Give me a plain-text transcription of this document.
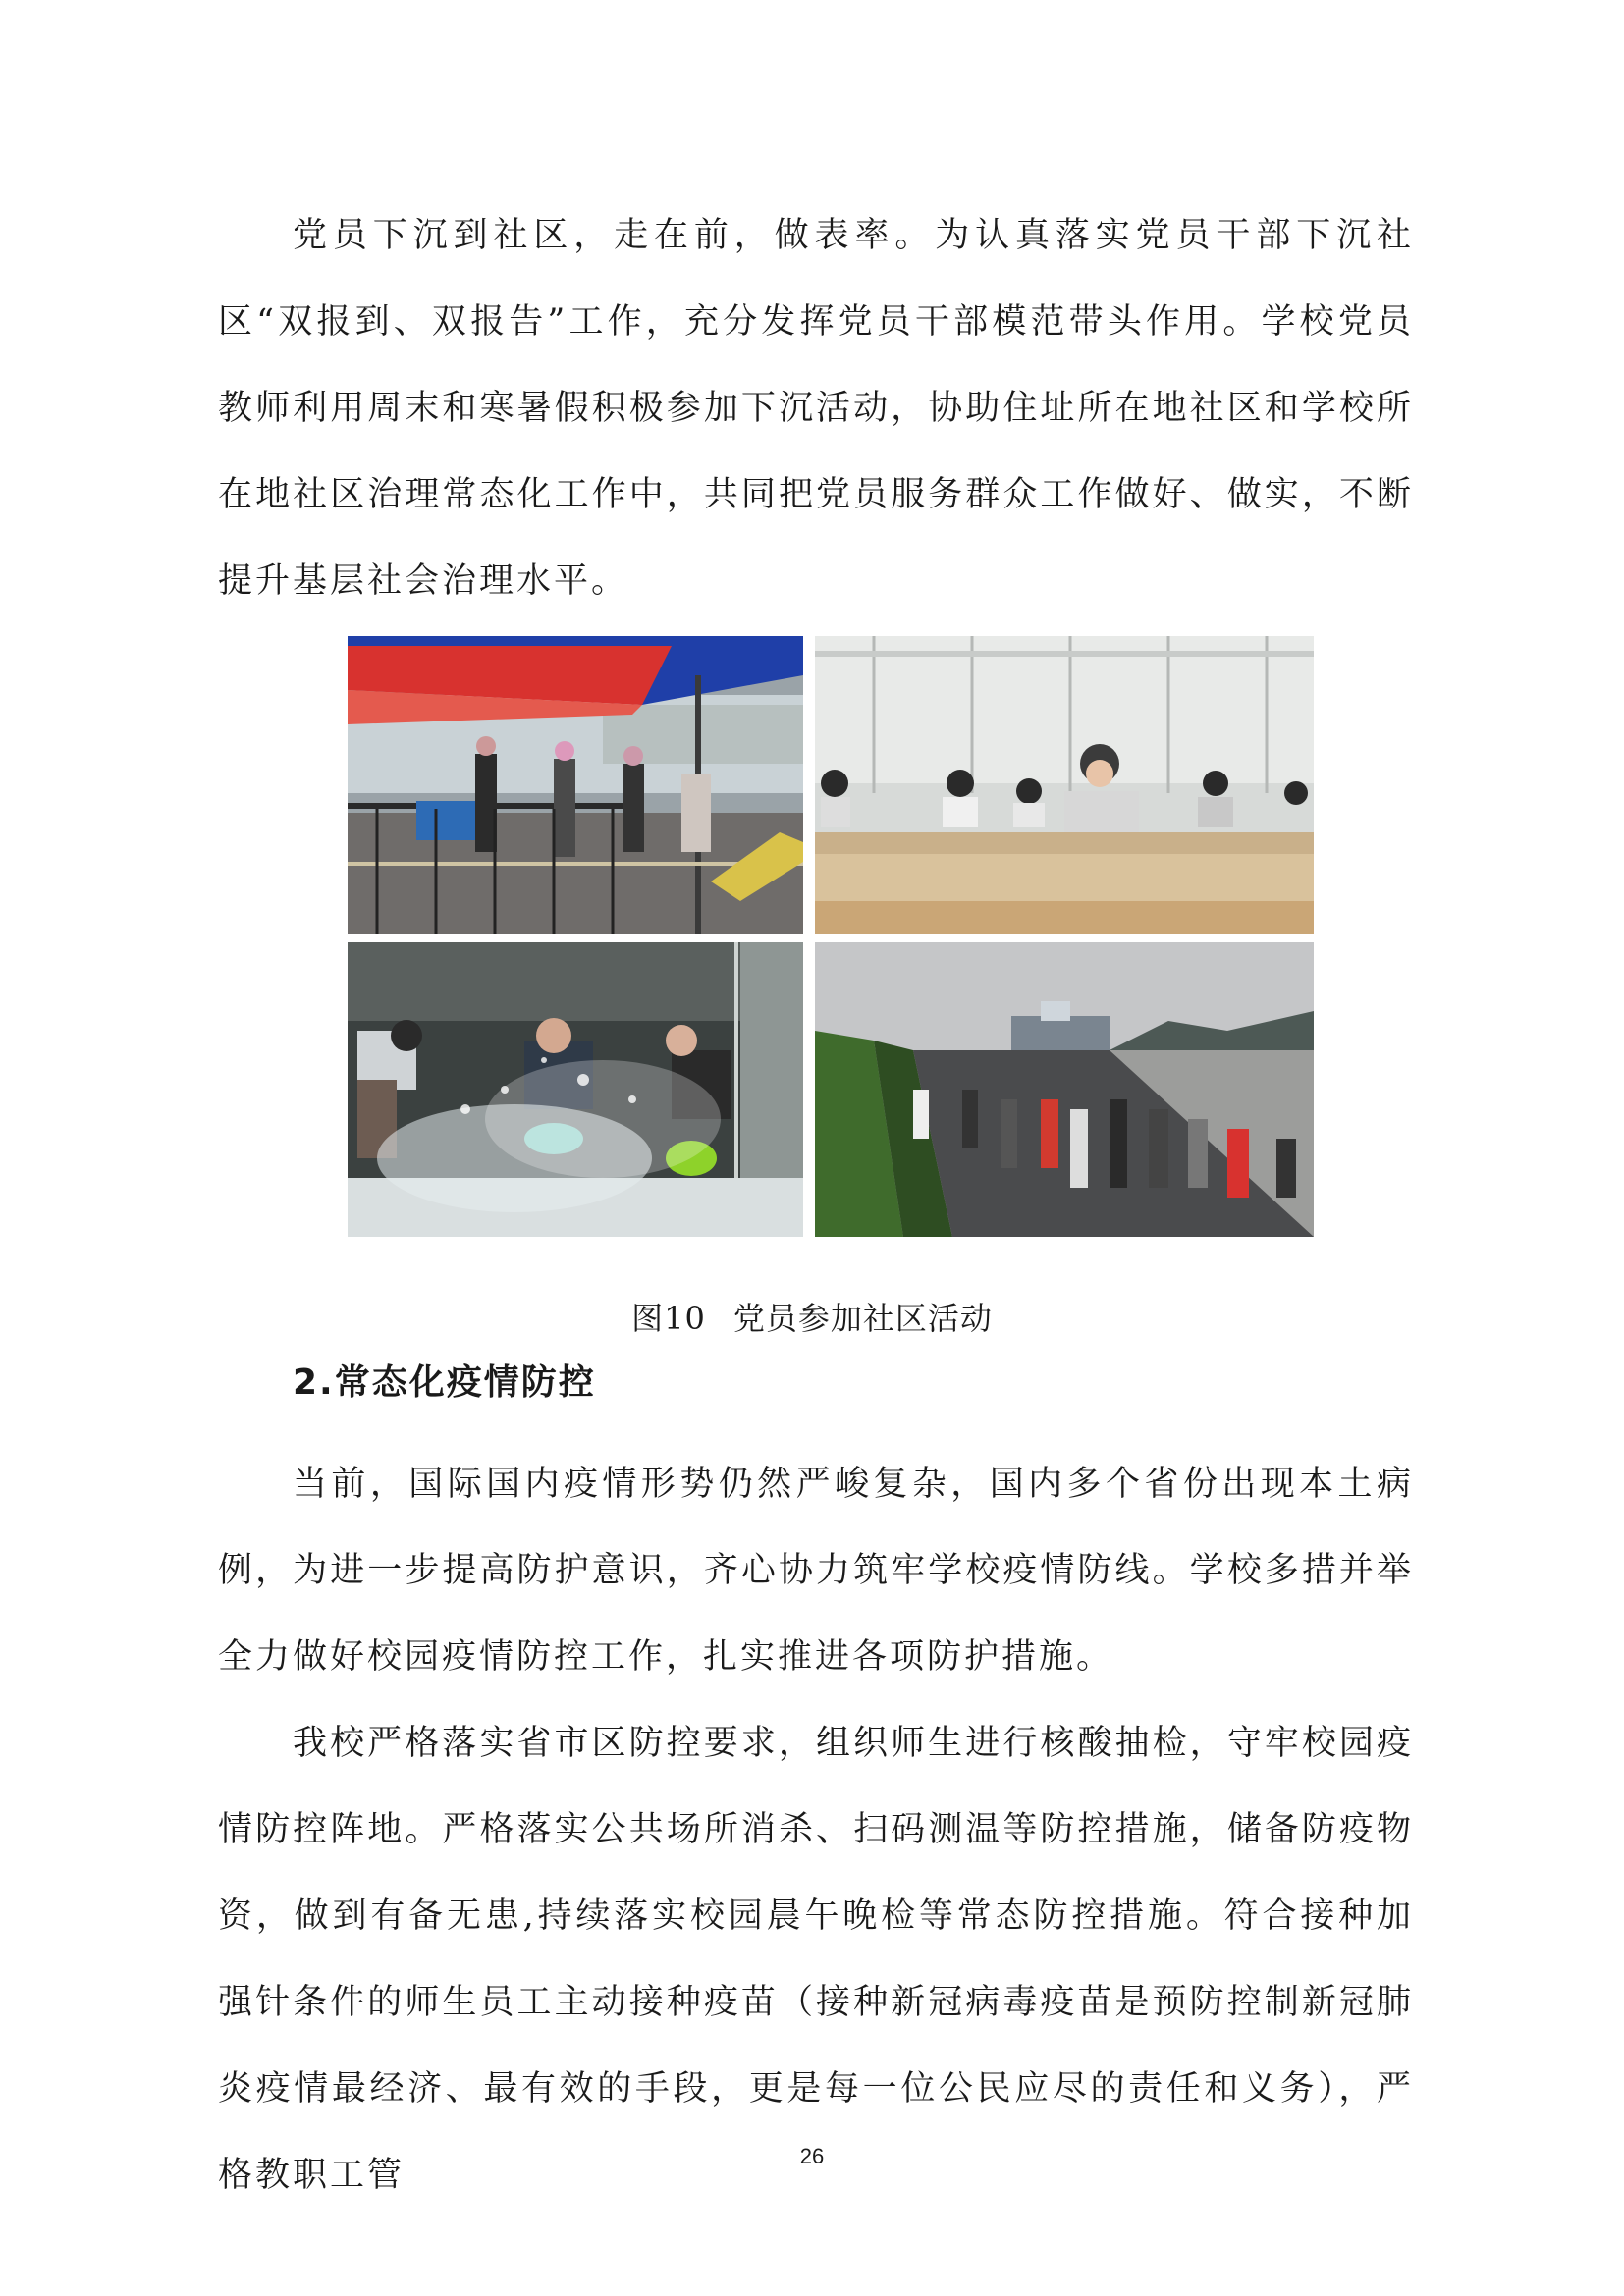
党员下沉到社区，走在前，做表率。为认真落实党员干部下沉社区“双报到、双报告”工作，充分发挥党员干部模范带头作用。学校党员教师利用周末和寒暑假积极参加下沉活动，协助住址所在地社区和学校所在地社区治理常态化工作中，共同把党员服务群众工作做好、做实，不断提升基层社会治理水平。

图10 党员参加社区活动
2.常态化疫情防控

当前，国际国内疫情形势仍然严峻复杂，国内多个省份出现本土病例，为进一步提高防护意识，齐心协力筑牢学校疫情防线。学校多措并举全力做好校园疫情防控工作，扎实推进各项防护措施。

我校严格落实省市区防控要求，组织师生进行核酸抽检，守牢校园疫情防控阵地。严格落实公共场所消杀、扫码测温等防控措施，储备防疫物资，做到有备无患,持续落实校园晨午晚检等常态防控措施。符合接种加强针条件的师生员工主动接种疫苗（接种新冠病毒疫苗是预防控制新冠肺炎疫情最经济、最有效的手段，更是每一位公民应尽的责任和义务），严格教职工管	26
